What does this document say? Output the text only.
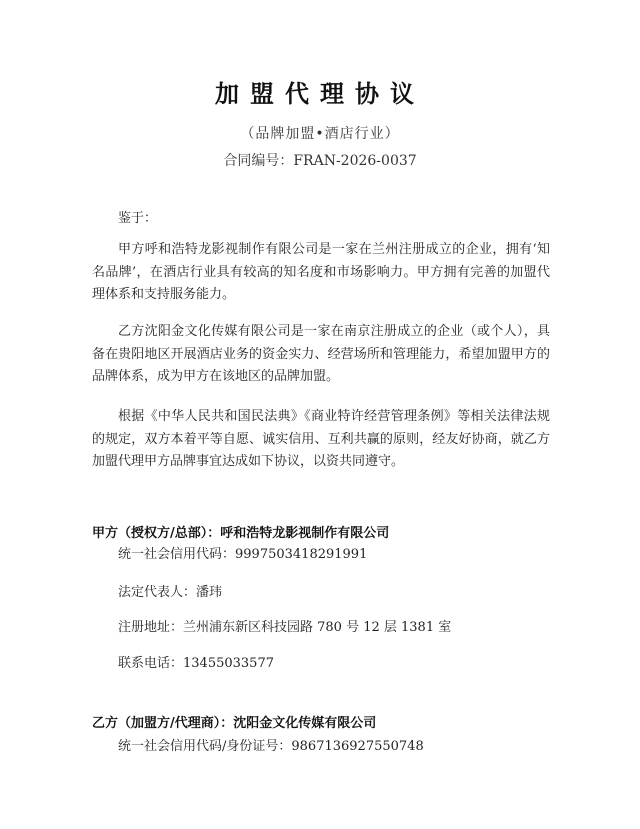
加盟代理协议
（品牌加盟•酒店行业）
合同编号：FRAN-2026-0037
鉴于：

甲方呼和浩特龙影视制作有限公司是一家在兰州注册成立的企业，拥有‘知名品牌’，在酒店行业具有较高的知名度和市场影响力。甲方拥有完善的加盟代理体系和支持服务能力。

乙方沈阳金文化传媒有限公司是一家在南京注册成立的企业（或个人），具备在贵阳地区开展酒店业务的资金实力、经营场所和管理能力，希望加盟甲方的品牌体系，成为甲方在该地区的品牌加盟。

根据《中华人民共和国民法典》《商业特许经营管理条例》等相关法律法规的规定，双方本着平等自愿、诚实信用、互利共赢的原则，经友好协商，就乙方加盟代理甲方品牌事宜达成如下协议，以资共同遵守。

甲方（授权方/总部）：呼和浩特龙影视制作有限公司
统一社会信用代码：9997503418291991
法定代表人：潘玮
注册地址：兰州浦东新区科技园路 780 号 12 层 1381 室
联系电话：13455033577
乙方（加盟方/代理商）：沈阳金文化传媒有限公司
统一社会信用代码/身份证号：9867136927550748
